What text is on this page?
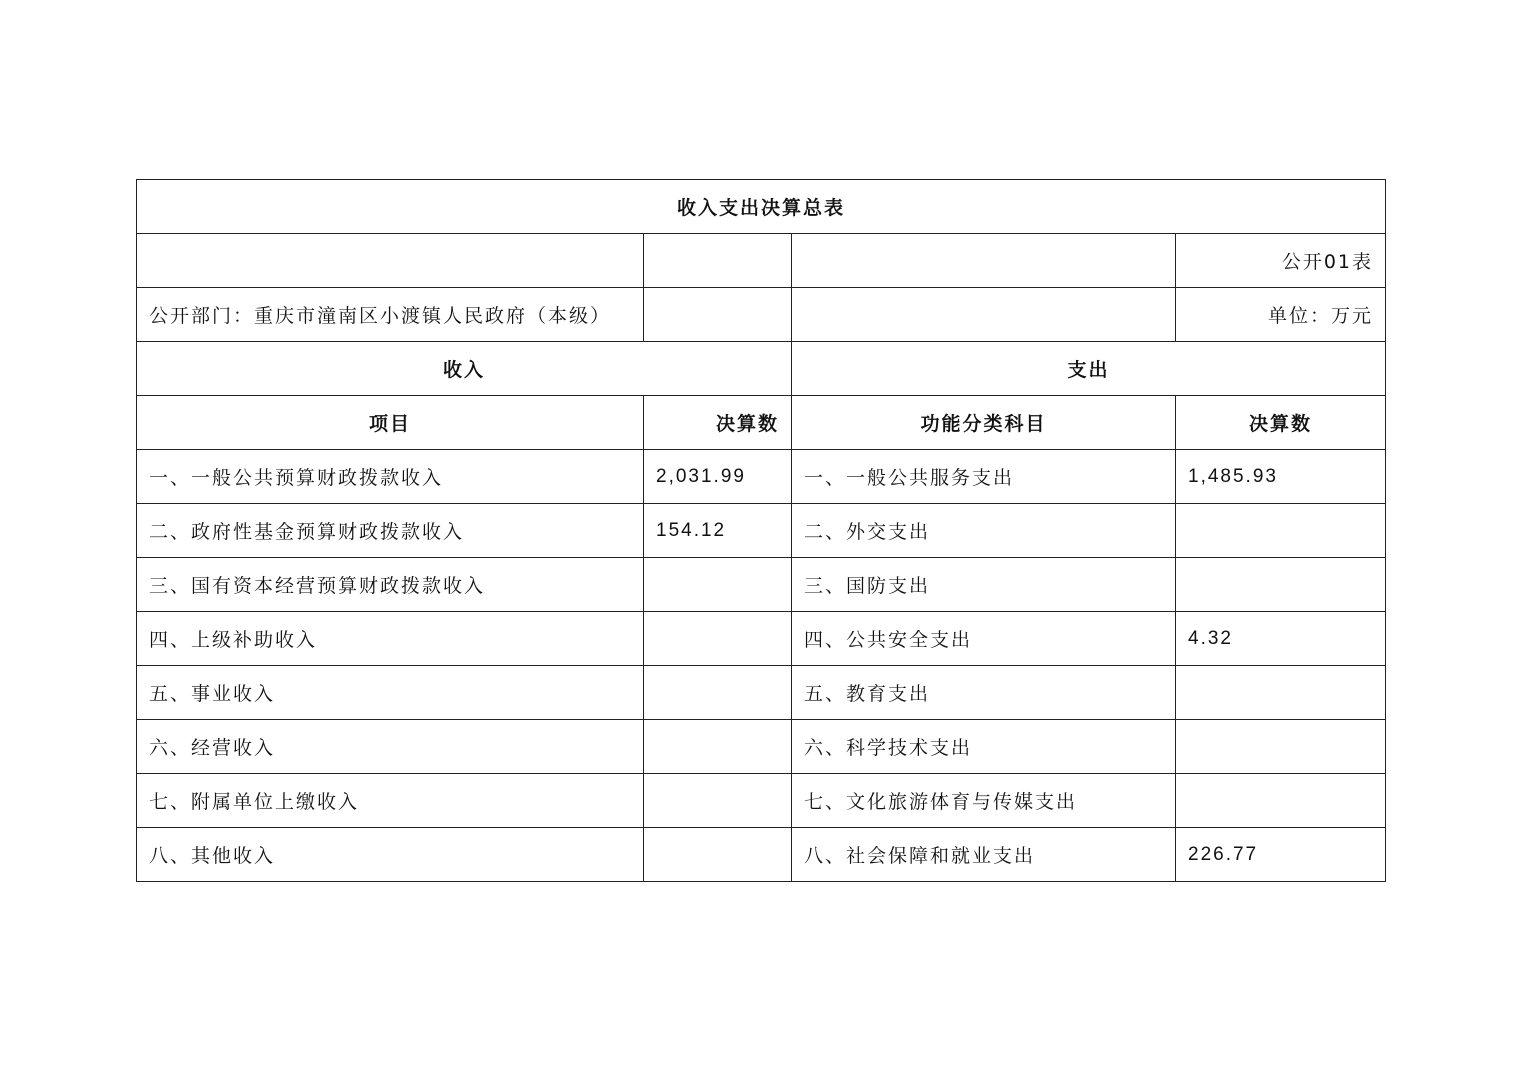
收入支出决算总表			
			公开01表
公开部门：重庆市潼南区小渡镇人民政府（本级）			单位：万元
收入		支出	
项目	决算数	功能分类科目	决算数
一、一般公共预算财政拨款收入	2,031.99	一、一般公共服务支出	1,485.93
二、政府性基金预算财政拨款收入	154.12	二、外交支出	
三、国有资本经营预算财政拨款收入		三、国防支出	
四、上级补助收入		四、公共安全支出	4.32
五、事业收入		五、教育支出	
六、经营收入		六、科学技术支出	
七、附属单位上缴收入		七、文化旅游体育与传媒支出	
八、其他收入		八、社会保障和就业支出	226.77
